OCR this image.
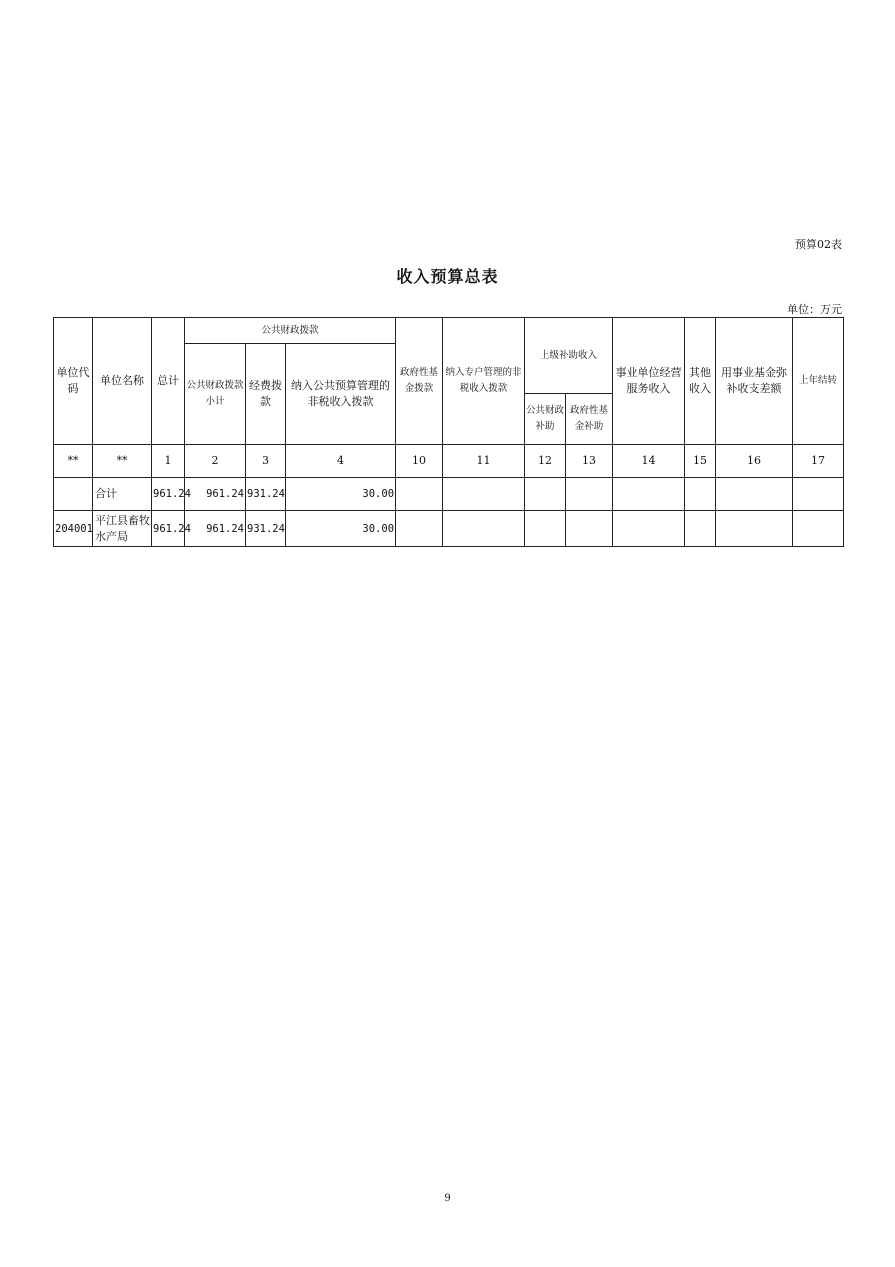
预算02表
收入预算总表
单位：万元
单位代码	单位名称	总计	公共财政拨款			政府性基金拨款	纳入专户管理的非税收入拨款	上级补助收入		事业单位经营服务收入	其他收入	用事业基金弥补收支差额	上年结转
			公共财政拨款小计	经费拨款	纳入公共预算管理的非税收入拨款								
								公共财政补助	政府性基金补助				
**	**	1	2	3	4	10	11	12	13	14	15	16	17
	合计	961.24	961.24	931.24	30.00								
204001	平江县畜牧水产局	961.24	961.24	931.24	30.00								
9
